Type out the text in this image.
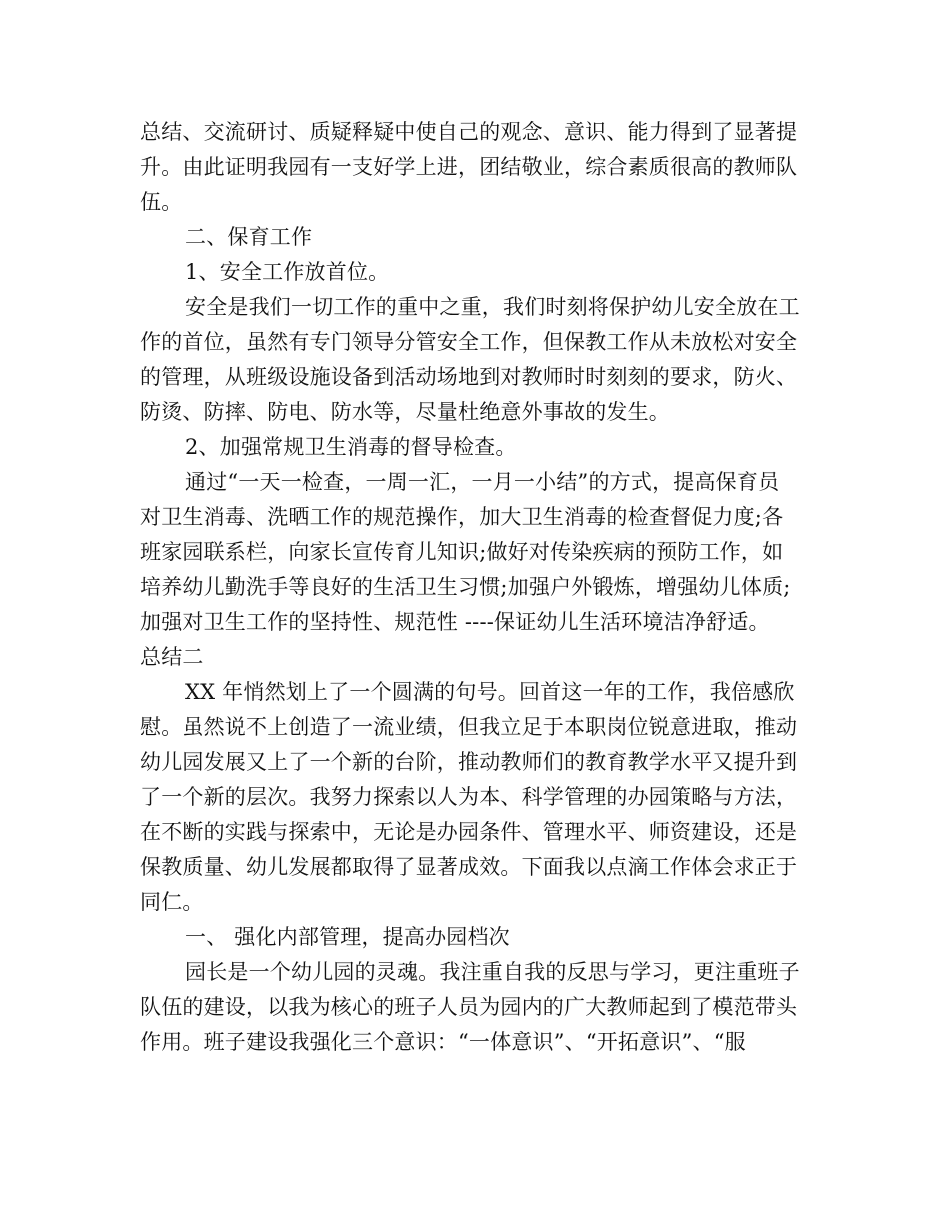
总结、交流研讨、质疑释疑中使自己的观念、意识、能力得到了显著提
升。由此证明我园有一支好学上进，团结敬业，综合素质很高的教师队
伍。
二、保育工作
1、安全工作放首位。
安全是我们一切工作的重中之重，我们时刻将保护幼儿安全放在工
作的首位，虽然有专门领导分管安全工作，但保教工作从未放松对安全
的管理，从班级设施设备到活动场地到对教师时时刻刻的要求，防火、
防烫、防摔、防电、防水等，尽量杜绝意外事故的发生。
2、加强常规卫生消毒的督导检查。
通过“一天一检查，一周一汇，一月一小结”的方式，提高保育员
对卫生消毒、洗晒工作的规范操作，加大卫生消毒的检查督促力度;各
班家园联系栏，向家长宣传育儿知识;做好对传染疾病的预防工作，如
培养幼儿勤洗手等良好的生活卫生习惯;加强户外锻炼，增强幼儿体质;
加强对卫生工作的坚持性、规范性 ----保证幼儿生活环境洁净舒适。
总结二
XX 年悄然划上了一个圆满的句号。回首这一年的工作，我倍感欣
慰。虽然说不上创造了一流业绩，但我立足于本职岗位锐意进取，推动
幼儿园发展又上了一个新的台阶，推动教师们的教育教学水平又提升到
了一个新的层次。我努力探索以人为本、科学管理的办园策略与方法，
在不断的实践与探索中，无论是办园条件、管理水平、师资建设，还是
保教质量、幼儿发展都取得了显著成效。下面我以点滴工作体会求正于
同仁。
一、 强化内部管理，提高办园档次
园长是一个幼儿园的灵魂。我注重自我的反思与学习，更注重班子
队伍的建设，以我为核心的班子人员为园内的广大教师起到了模范带头
作用。班子建设我强化三个意识：“一体意识”、“开拓意识”、“服
